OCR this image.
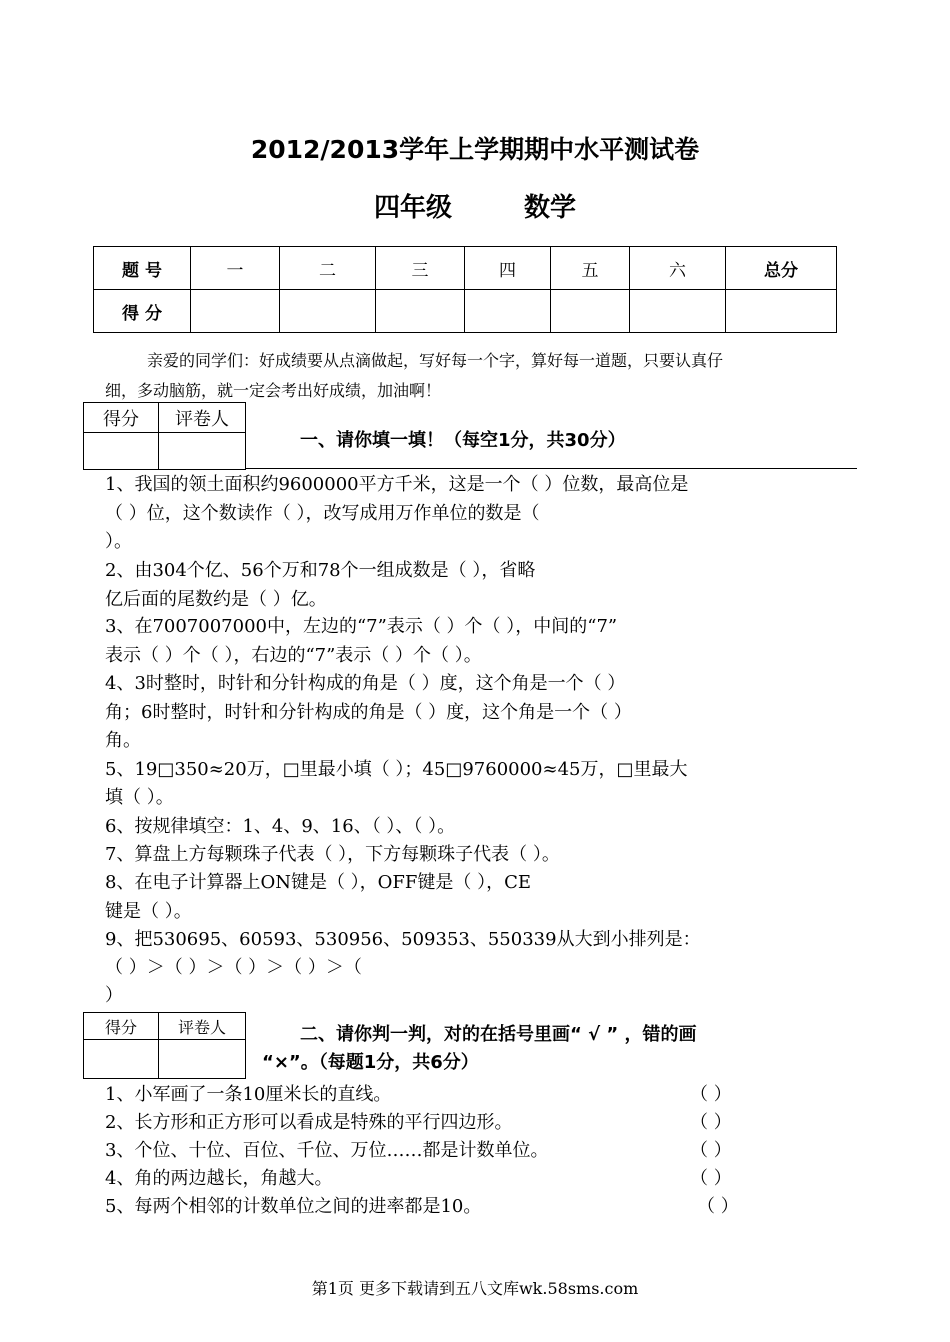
2012/2013学年上学期期中水平测试卷
四年级	数学
题 号	一	二	三	四	五	六	总分
得 分							
亲爱的同学们：好成绩要从点滴做起，写好每一个字，算好每一道题，只要认真仔
细，多动脑筋，就一定会考出好成绩，加油啊！
得分	评卷人

一、请你填一填！（每空1分，共30分）
1、我国的领土面积约9600000平方千米，这是一个（ ）位数，最高位是
（ ）位，这个数读作（ ），改写成用万作单位的数是（
）。
2、由304个亿、56个万和78个一组成数是（ ），省略
亿后面的尾数约是（ ）亿。
3、在7007007000中，左边的“7”表示（ ）个（ ），中间的“7”
表示（ ）个（ ），右边的“7”表示（ ）个（ ）。
4、3时整时，时针和分针构成的角是（ ）度，这个角是一个（ ）
角；6时整时，时针和分针构成的角是（ ）度，这个角是一个（ ）
角。
5、19□350≈20万，□里最小填（ ）；45□9760000≈45万，□里最大
填（ ）。
6、按规律填空：1、4、9、16、（ ）、（ ）。
7、算盘上方每颗珠子代表（ ），下方每颗珠子代表（ ）。
8、在电子计算器上ON键是（ ），OFF键是（ ），CE
键是（ ）。
9、把530695、60593、530956、509353、550339从大到小排列是：
（ ）＞（ ）＞（ ）＞（ ）＞（
）
得分	评卷人
		二、请你判一判，对的在括号里画“ √ ” ，错的画
“×”。（每题1分，共6分）
1、小军画了一条10厘米长的直线。	（ ）
2、长方形和正方形可以看成是特殊的平行四边形。	（ ）
3、个位、十位、百位、千位、万位……都是计数单位。	（ ）
4、角的两边越长，角越大。	（ ）
5、每两个相邻的计数单位之间的进率都是10。	（ ）
第1页 更多下载请到五八文库wk.58sms.com
